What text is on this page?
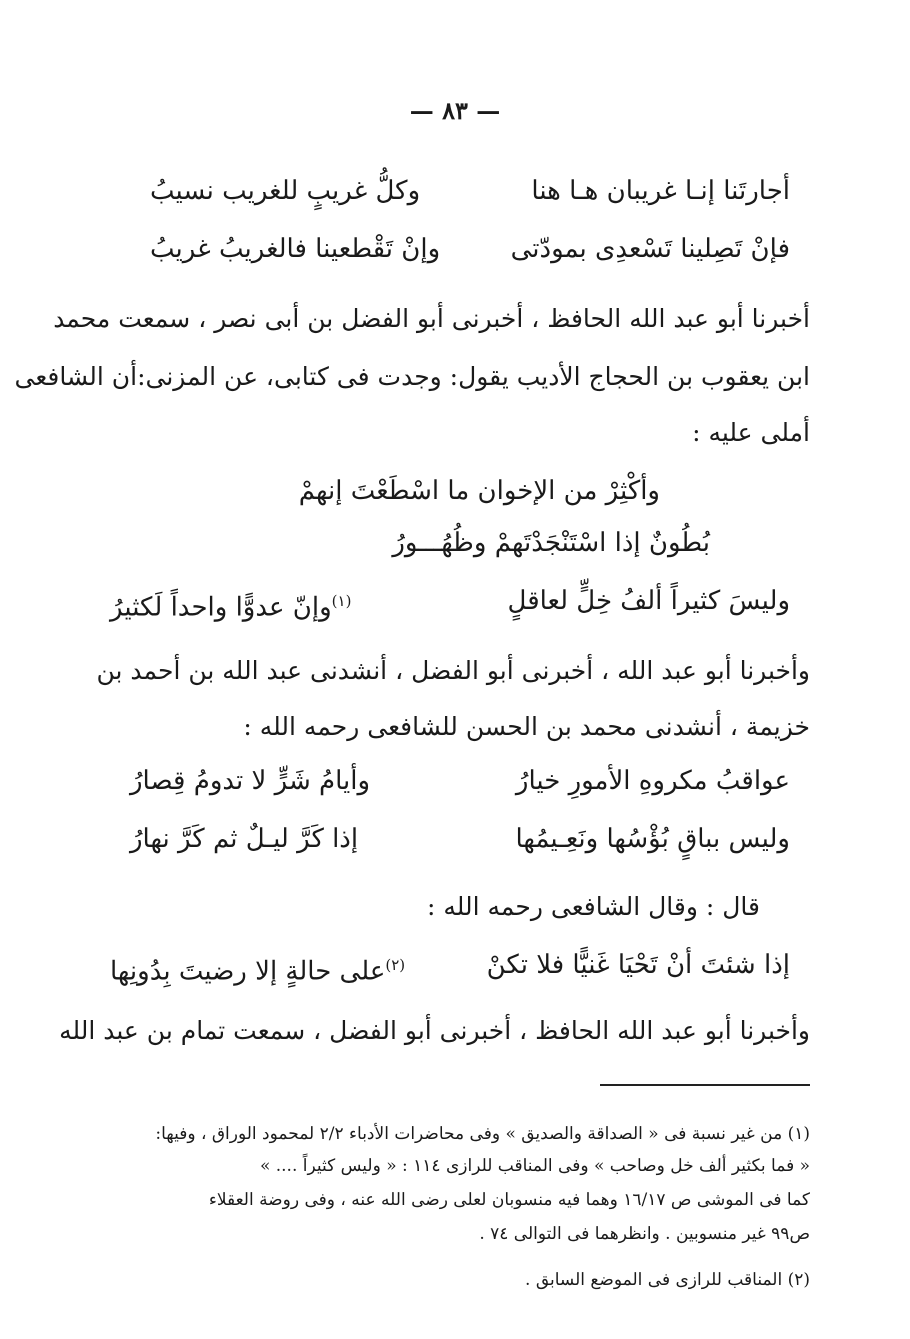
— ٨٣ —
أجارتَنا إنـا غريبان هـا هنا
وكلُّ غريبٍ للغريب نسيبُ
فإنْ تَصِلينا تَسْعدِى بمودّتى
وإنْ تَقْطعينا فالغريبُ غريبُ
أخبرنا أبو عبد الله الحافظ ، أخبرنى أبو الفضل بن أبى نصر ، سمعت محمد
ابن يعقوب بن الحجاج الأديب يقول: وجدت فى كتابى، عن المزنى:أن الشافعى
أملى عليه :
وأكْثِرْ من الإخوان ما اسْطَعْتَ إنهمْ
بُطُونٌ إذا اسْتَنْجَدْتَهمْ وظُهُـــورُ
وليسَ كثيراً ألفُ خِلٍّ لعاقلٍ
$^{(١)}$وإنّ عدوًّا واحداً لَكثيرُ
وأخبرنا أبو عبد الله ، أخبرنى أبو الفضل ، أنشدنى عبد الله بن أحمد بن
خزيمة ، أنشدنى محمد بن الحسن للشافعى رحمه الله :
عواقبُ مكروهِ الأمورِ خيارُ
وأيامُ شَرٍّ لا تدومُ قِصارُ
وليس بباقٍ بُؤْسُها ونَعِـيمُها
إذا كَرَّ ليـلٌ ثم كَرَّ نهارُ
قال : وقال الشافعى رحمه الله :
إذا شئتَ أنْ تَحْيَا غَنيًّا فلا تكنْ
$^{(٢)}$على حالةٍ إلا رضيتَ بِدُونِها
وأخبرنا أبو عبد الله الحافظ ، أخبرنى أبو الفضل ، سمعت تمام بن عبد الله
(١) من غير نسبة فى « الصداقة والصديق » وفى محاضرات الأدباء ٢/٢ لمحمود الوراق ، وفيها:
« فما بكثير ألف خل وصاحب » وفى المناقب للرازى ١١٤ : « وليس كثيراً .... »
كما فى الموشى ص ١٦/١٧ وهما فيه منسوبان لعلى رضى الله عنه ، وفى روضة العقلاء
ص٩٩ غير منسوبين . وانظرهما فى التوالى ٧٤ .
(٢) المناقب للرازى فى الموضع السابق .
